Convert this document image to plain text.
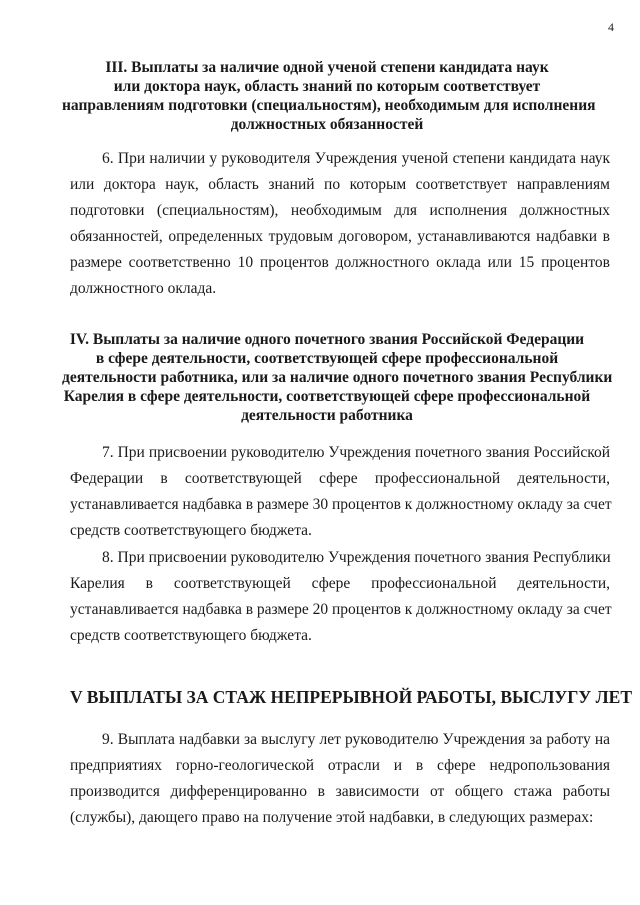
4
III. Выплаты за наличие одной ученой степени кандидата наук
или доктора наук, область знаний по которым соответствует
направлениям подготовки (специальностям), необходимым для исполнения
должностных обязанностей

6. При наличии у руководителя Учреждения ученой степени кандидата наук
или доктора наук, область знаний по которым соответствует направлениям
подготовки (специальностям), необходимым для исполнения должностных
обязанностей, определенных трудовым договором, устанавливаются надбавки в
размере соответственно 10 процентов должностного оклада или 15 процентов
должностного оклада.

IV. Выплаты за наличие одного почетного звания Российской Федерации
в сфере деятельности, соответствующей сфере профессиональной
деятельности работника, или за наличие одного почетного звания Республики
Карелия в сфере деятельности, соответствующей сфере профессиональной
деятельности работника

7. При присвоении руководителю Учреждения почетного звания Российской
Федерации в соответствующей сфере профессиональной деятельности,
устанавливается надбавка в размере 30 процентов к должностному окладу за счет
средств соответствующего бюджета.

8. При присвоении руководителю Учреждения почетного звания Республики
Карелия в соответствующей сфере профессиональной деятельности,
устанавливается надбавка в размере 20 процентов к должностному окладу за счет
средств соответствующего бюджета.

V ВЫПЛАТЫ ЗА СТАЖ НЕПРЕРЫВНОЙ РАБОТЫ, ВЫСЛУГУ ЛЕТ

9. Выплата надбавки за выслугу лет руководителю Учреждения за работу на
предприятиях горно-геологической отрасли и в сфере недропользования
производится дифференцированно в зависимости от общего стажа работы
(службы), дающего право на получение этой надбавки, в следующих размерах:
